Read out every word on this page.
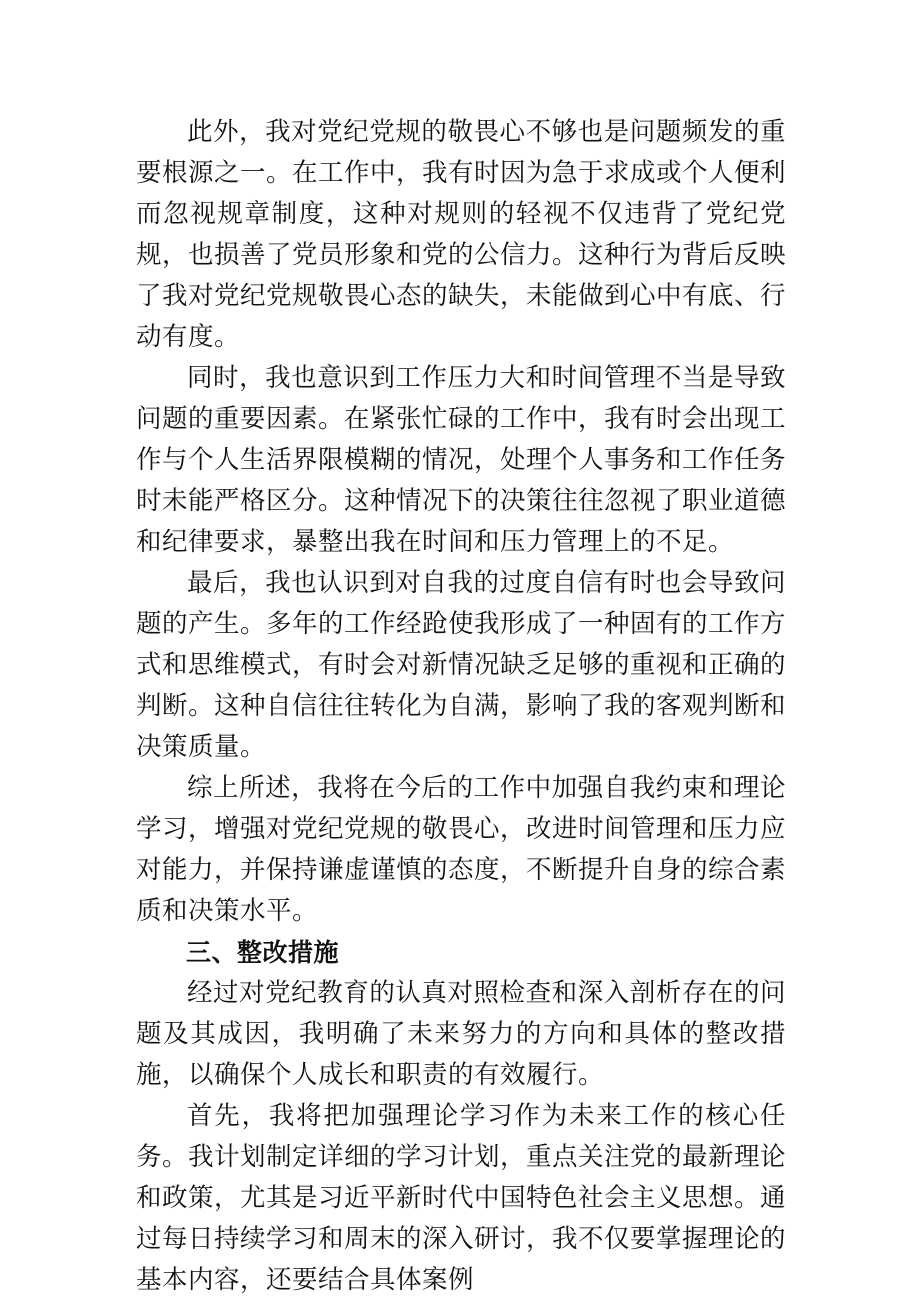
此外，我对党纪党规的敬畏心不够也是问题频发的重要根源之一。在工作中，我有时因为急于求成或个人便利而忽视规章制度，这种对规则的轻视不仅违背了党纪党规，也损善了党员形象和党的公信力。这种行为背后反映了我对党纪党规敬畏心态的缺失，未能做到心中有底、行动有度。

同时，我也意识到工作压力大和时间管理不当是导致问题的重要因素。在紧张忙碌的工作中，我有时会出现工作与个人生活界限模糊的情况，处理个人事务和工作任务时未能严格区分。这种情况下的决策往往忽视了职业道德和纪律要求，暴整出我在时间和压力管理上的不足。

最后，我也认识到对自我的过度自信有时也会导致问题的产生。多年的工作经跄使我形成了一种固有的工作方式和思维模式，有时会对新情况缺乏足够的重视和正确的判断。这种自信往往转化为自满，影响了我的客观判断和决策质量。

综上所述，我将在今后的工作中加强自我约束和理论学习，增强对党纪党规的敬畏心，改进时间管理和压力应对能力，并保持谦虚谨慎的态度，不断提升自身的综合素质和决策水平。

三、整改措施

经过对党纪教育的认真对照检查和深入剖析存在的问题及其成因，我明确了未来努力的方向和具体的整改措施，以确保个人成长和职责的有效履行。

首先，我将把加强理论学习作为未来工作的核心任务。我计划制定详细的学习计划，重点关注党的最新理论和政策，尤其是习近平新时代中国特色社会主义思想。通过每日持续学习和周末的深入研讨，我不仅要掌握理论的基本内容，还要结合具体案例
